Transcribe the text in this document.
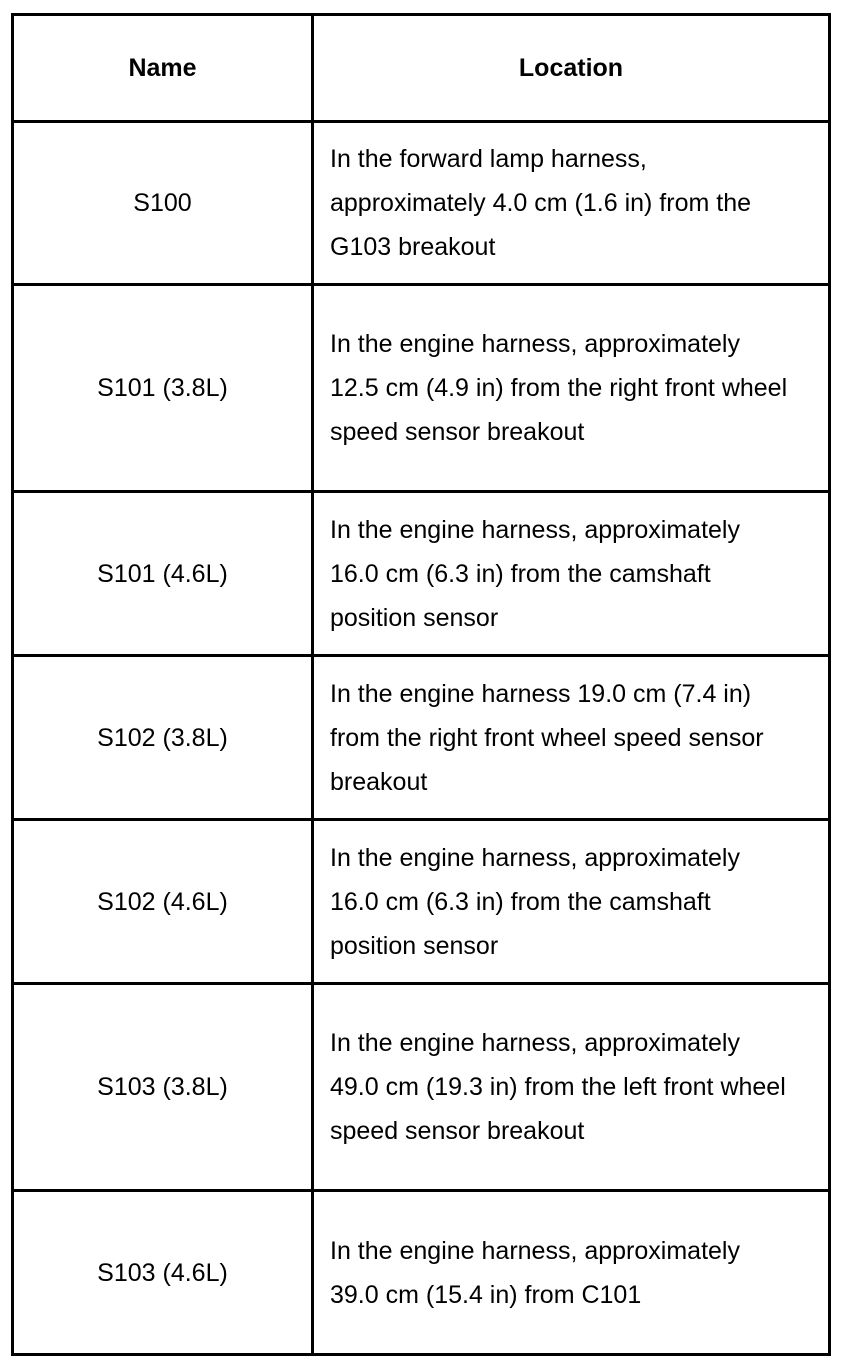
Name	Location
S100	In the forward lamp harness, approximately 4.0 cm (1.6 in) from the G103 breakout
S101 (3.8L)	In the engine harness, approximately 12.5 cm (4.9 in) from the right front wheel speed sensor breakout
S101 (4.6L)	In the engine harness, approximately 16.0 cm (6.3 in) from the camshaft position sensor
S102 (3.8L)	In the engine harness 19.0 cm (7.4 in) from the right front wheel speed sensor breakout
S102 (4.6L)	In the engine harness, approximately 16.0 cm (6.3 in) from the camshaft position sensor
S103 (3.8L)	In the engine harness, approximately 49.0 cm (19.3 in) from the left front wheel speed sensor breakout
S103 (4.6L)	In the engine harness, approximately 39.0 cm (15.4 in) from C101
